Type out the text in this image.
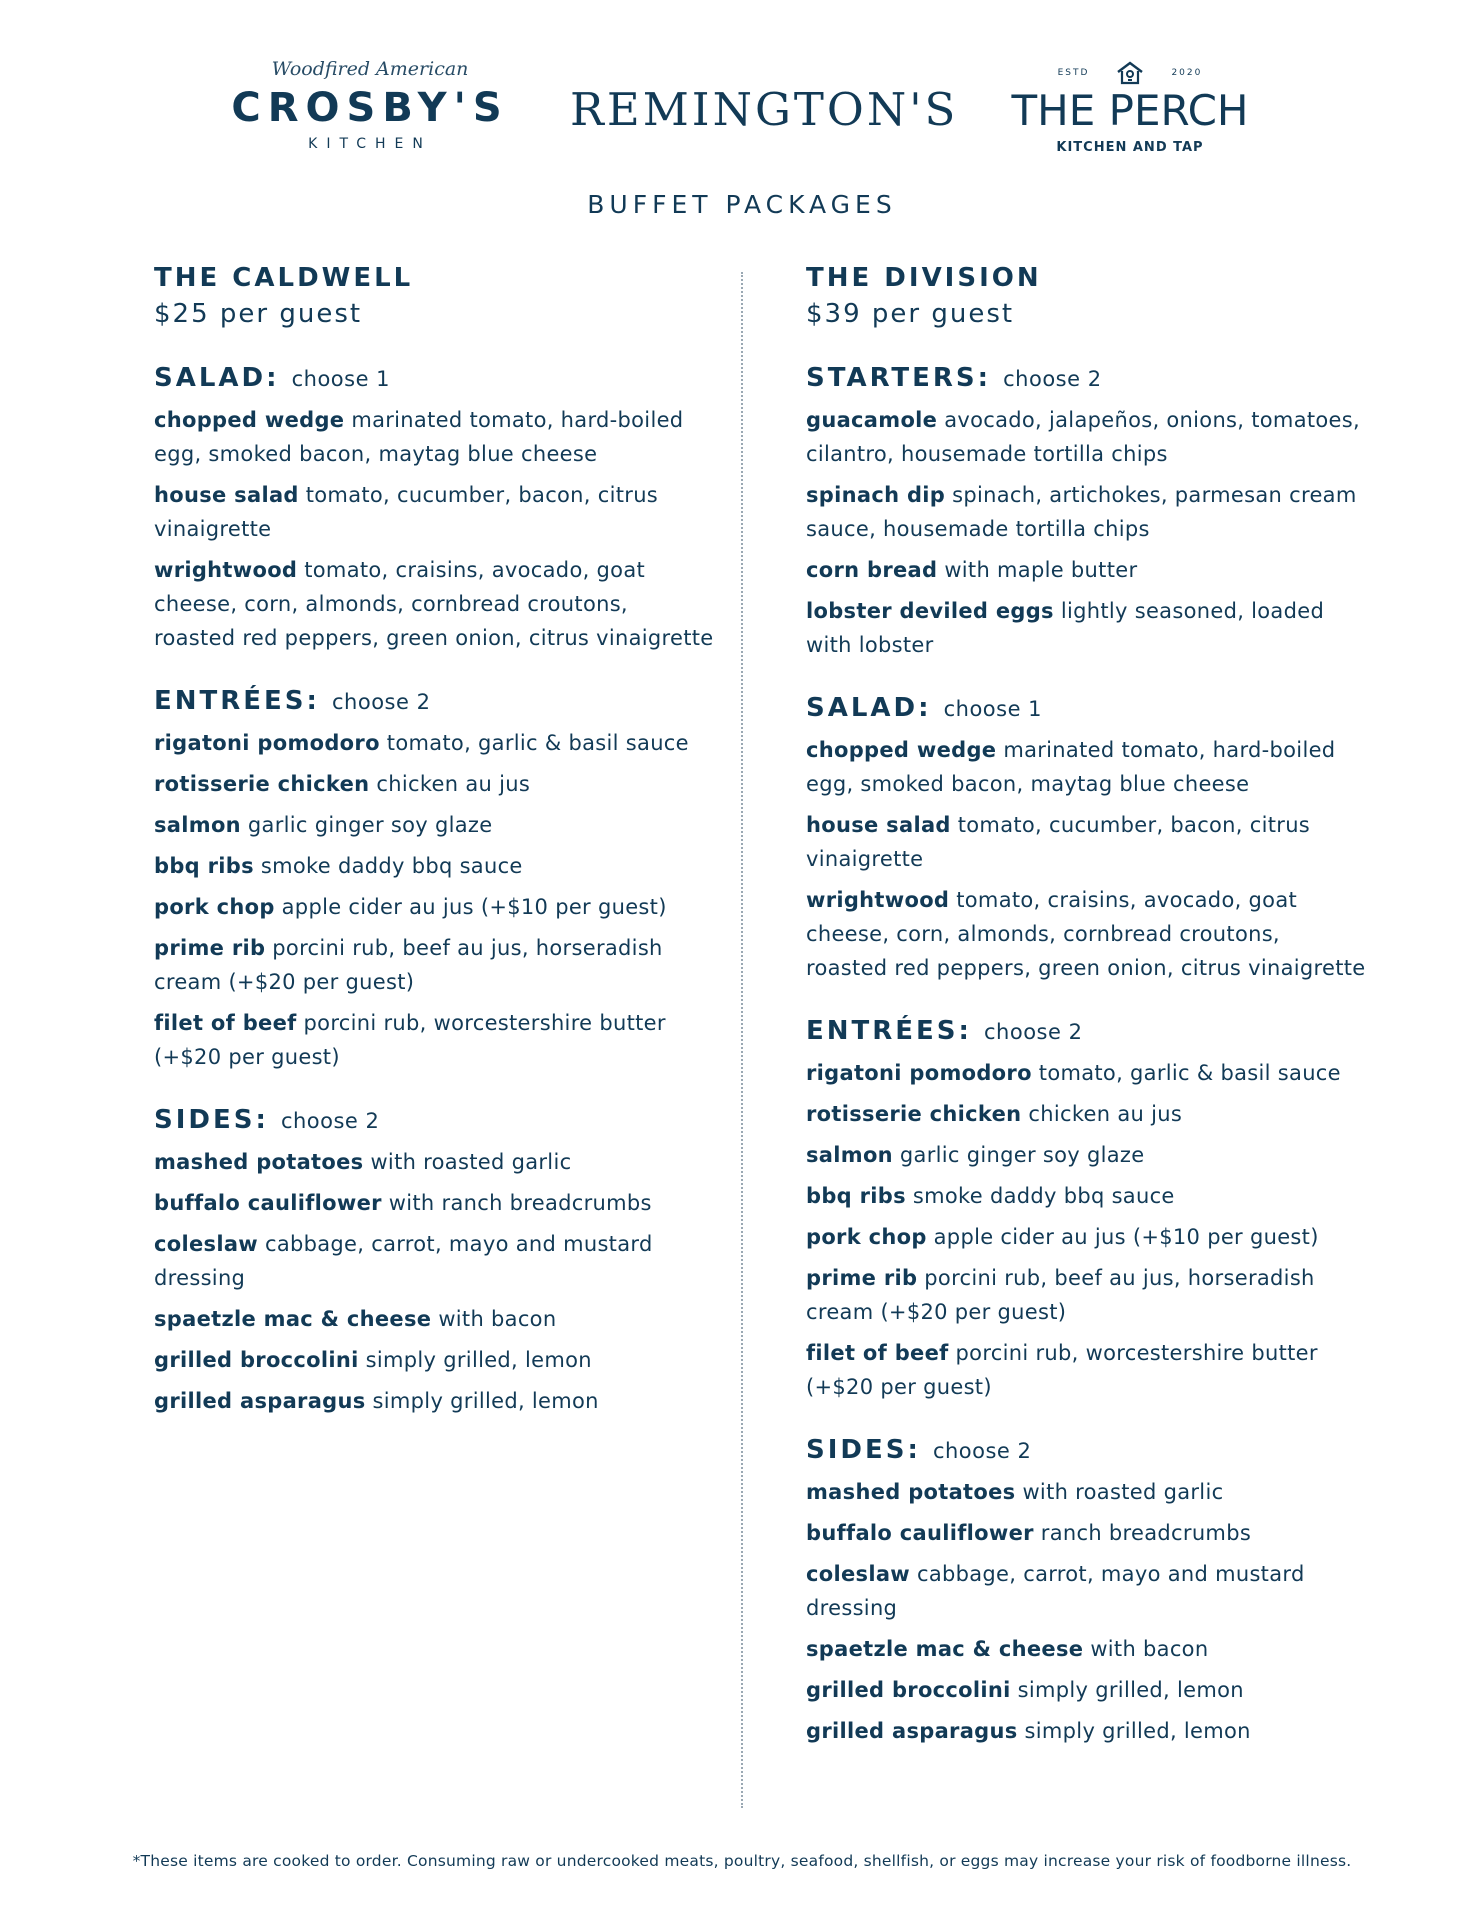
Woodfired American
CROSBY'S
KITCHEN
REMINGTON'S
ESTD	2020
THE PERCH
KITCHEN AND TAP
BUFFET PACKAGES
THE CALDWELL
$25 per guest
SALAD: choose 1
chopped wedge marinated tomato, hard-boiled egg, smoked bacon, maytag blue cheese
house salad tomato, cucumber, bacon, citrus vinaigrette
wrightwood tomato, craisins, avocado, goat cheese, corn, almonds, cornbread croutons, roasted red peppers, green onion, citrus vinaigrette
ENTRÉES: choose 2
rigatoni pomodoro tomato, garlic & basil sauce
rotisserie chicken chicken au jus
salmon garlic ginger soy glaze
bbq ribs smoke daddy bbq sauce
pork chop apple cider au jus (+$10 per guest)
prime rib porcini rub, beef au jus, horseradish cream (+$20 per guest)
filet of beef porcini rub, worcestershire butter (+$20 per guest)
SIDES: choose 2
mashed potatoes with roasted garlic
buffalo cauliflower with ranch breadcrumbs
coleslaw cabbage, carrot, mayo and mustard dressing
spaetzle mac & cheese with bacon
grilled broccolini simply grilled, lemon
grilled asparagus simply grilled, lemon
THE DIVISION
$39 per guest
STARTERS: choose 2
guacamole avocado, jalapeños, onions, tomatoes, cilantro, housemade tortilla chips
spinach dip spinach, artichokes, parmesan cream sauce, housemade tortilla chips
corn bread with maple butter
lobster deviled eggs lightly seasoned, loaded with lobster
SALAD: choose 1
chopped wedge marinated tomato, hard-boiled egg, smoked bacon, maytag blue cheese
house salad tomato, cucumber, bacon, citrus vinaigrette
wrightwood tomato, craisins, avocado, goat cheese, corn, almonds, cornbread croutons, roasted red peppers, green onion, citrus vinaigrette
ENTRÉES: choose 2
rigatoni pomodoro tomato, garlic & basil sauce
rotisserie chicken chicken au jus
salmon garlic ginger soy glaze
bbq ribs smoke daddy bbq sauce
pork chop apple cider au jus (+$10 per guest)
prime rib porcini rub, beef au jus, horseradish cream (+$20 per guest)
filet of beef porcini rub, worcestershire butter (+$20 per guest)
SIDES: choose 2
mashed potatoes with roasted garlic
buffalo cauliflower ranch breadcrumbs
coleslaw cabbage, carrot, mayo and mustard dressing
spaetzle mac & cheese with bacon
grilled broccolini simply grilled, lemon
grilled asparagus simply grilled, lemon
*These items are cooked to order. Consuming raw or undercooked meats, poultry, seafood, shellfish, or eggs may increase your risk of foodborne illness.
